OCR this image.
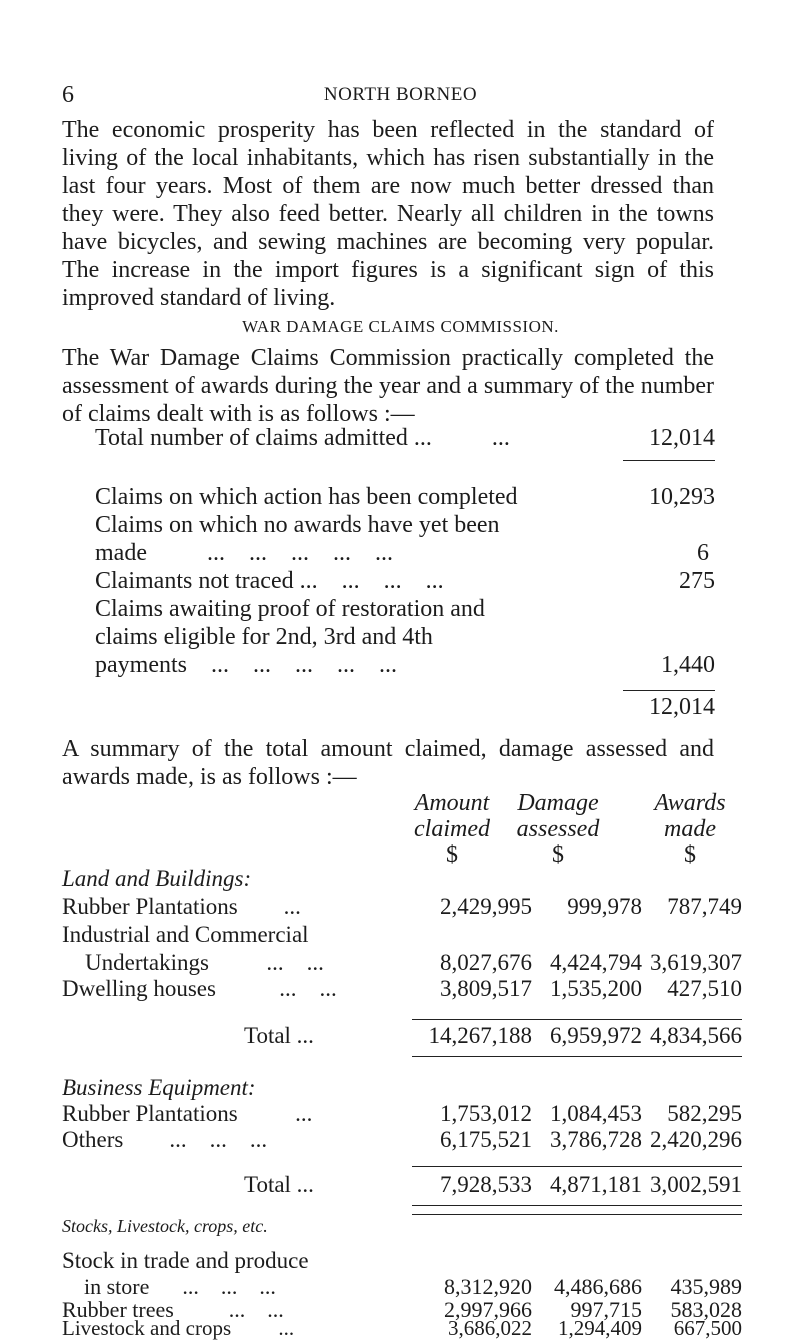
6	NORTH BORNEO
The economic prosperity has been reflected in the standard of living of the local inhabitants, which has risen substantially in the last four years. Most of them are now much better dressed than they were. They also feed better. Nearly all children in the towns have bicycles, and sewing machines are becoming very popular. The increase in the import figures is a significant sign of this improved standard of living.
WAR DAMAGE CLAIMS COMMISSION.
The War Damage Claims Commission practically completed the assessment of awards during the year and a summary of the number of claims dealt with is as follows :—
Total number of claims admitted ...          ...	12,014
Claims on which action has been completed	10,293
Claims on which no awards have yet been
made          ...    ...    ...    ...    ...	6
Claimants not traced ...    ...    ...    ...	275
Claims awaiting proof of restoration and
claims eligible for 2nd, 3rd and 4th
payments    ...    ...    ...    ...    ...	1,440
12,014
A summary of the total amount claimed, damage assessed and awards made, is as follows :—
Amount
claimed
$
Damage
assessed
$
Awards
made
$
Land and Buildings:
Rubber Plantations        ...	2,429,995 999,978 787,749
Industrial and Commercial
Undertakings          ...    ...	8,027,676 4,424,794 3,619,307
Dwelling houses           ...    ...	3,809,517 1,535,200 427,510
Total ...	14,267,188 6,959,972 4,834,566
Business Equipment:
Rubber Plantations          ...	1,753,012 1,084,453 582,295
Others        ...    ...    ...	6,175,521 3,786,728 2,420,296
Total ...	7,928,533 4,871,181 3,002,591
Stocks, Livestock, crops, etc.
Stock in trade and produce
in store      ...    ...    ...	8,312,920 4,486,686 435,989
Rubber trees          ...    ...	2,997,966 997,715 583,028
Livestock and crops         ...	3,686,022 1,294,409 667,500
